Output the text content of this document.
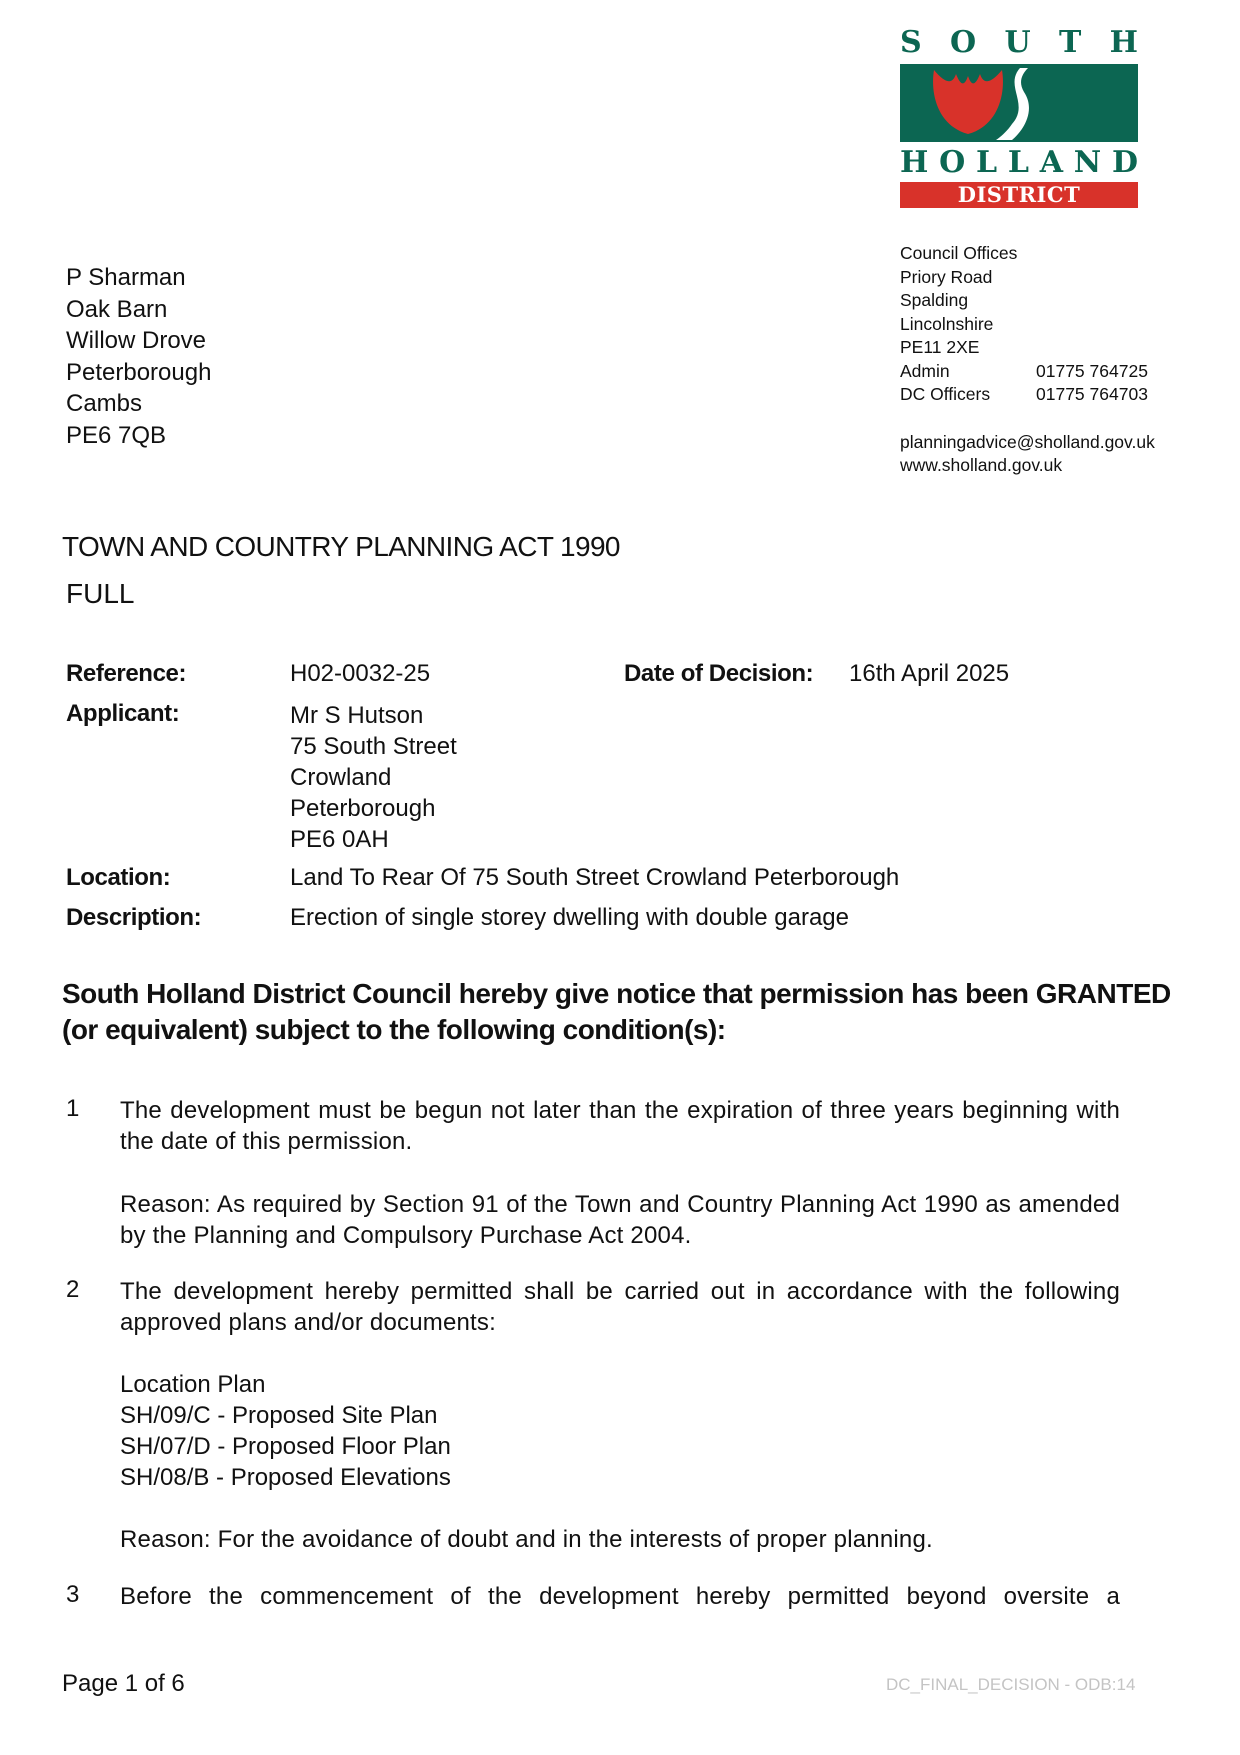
S O U T H
H O L L A N D
DISTRICT COUNCIL
P Sharman
Oak Barn
Willow Drove
Peterborough
Cambs
PE6 7QB
Council Offices
Priory Road
Spalding
Lincolnshire
PE11 2XE
Admin	01775 764725
DC Officers	01775 764703
planningadvice@sholland.gov.uk
www.sholland.gov.uk
TOWN AND COUNTRY PLANNING ACT 1990
FULL
Reference:	H02-0032-25	Date of Decision: 16th April 2025
Applicant:	Mr S Hutson
75 South Street
Crowland
Peterborough
PE6 0AH
Location:	Land To Rear Of 75 South Street Crowland Peterborough
Description:	Erection of single storey dwelling with double garage
South Holland District Council hereby give notice that permission has been GRANTED (or equivalent) subject to the following condition(s):
1 The development must be begun not later than the expiration of three years beginning with the date of this permission.
Reason: As required by Section 91 of the Town and Country Planning Act 1990 as amended by the Planning and Compulsory Purchase Act 2004.
2 The development hereby permitted shall be carried out in accordance with the following approved plans and/or documents:
Location Plan
SH/09/C - Proposed Site Plan
SH/07/D - Proposed Floor Plan
SH/08/B - Proposed Elevations
Reason: For the avoidance of doubt and in the interests of proper planning.
3 Before the commencement of the development hereby permitted beyond oversite a
Page 1 of 6	DC_FINAL_DECISION - ODB:14
